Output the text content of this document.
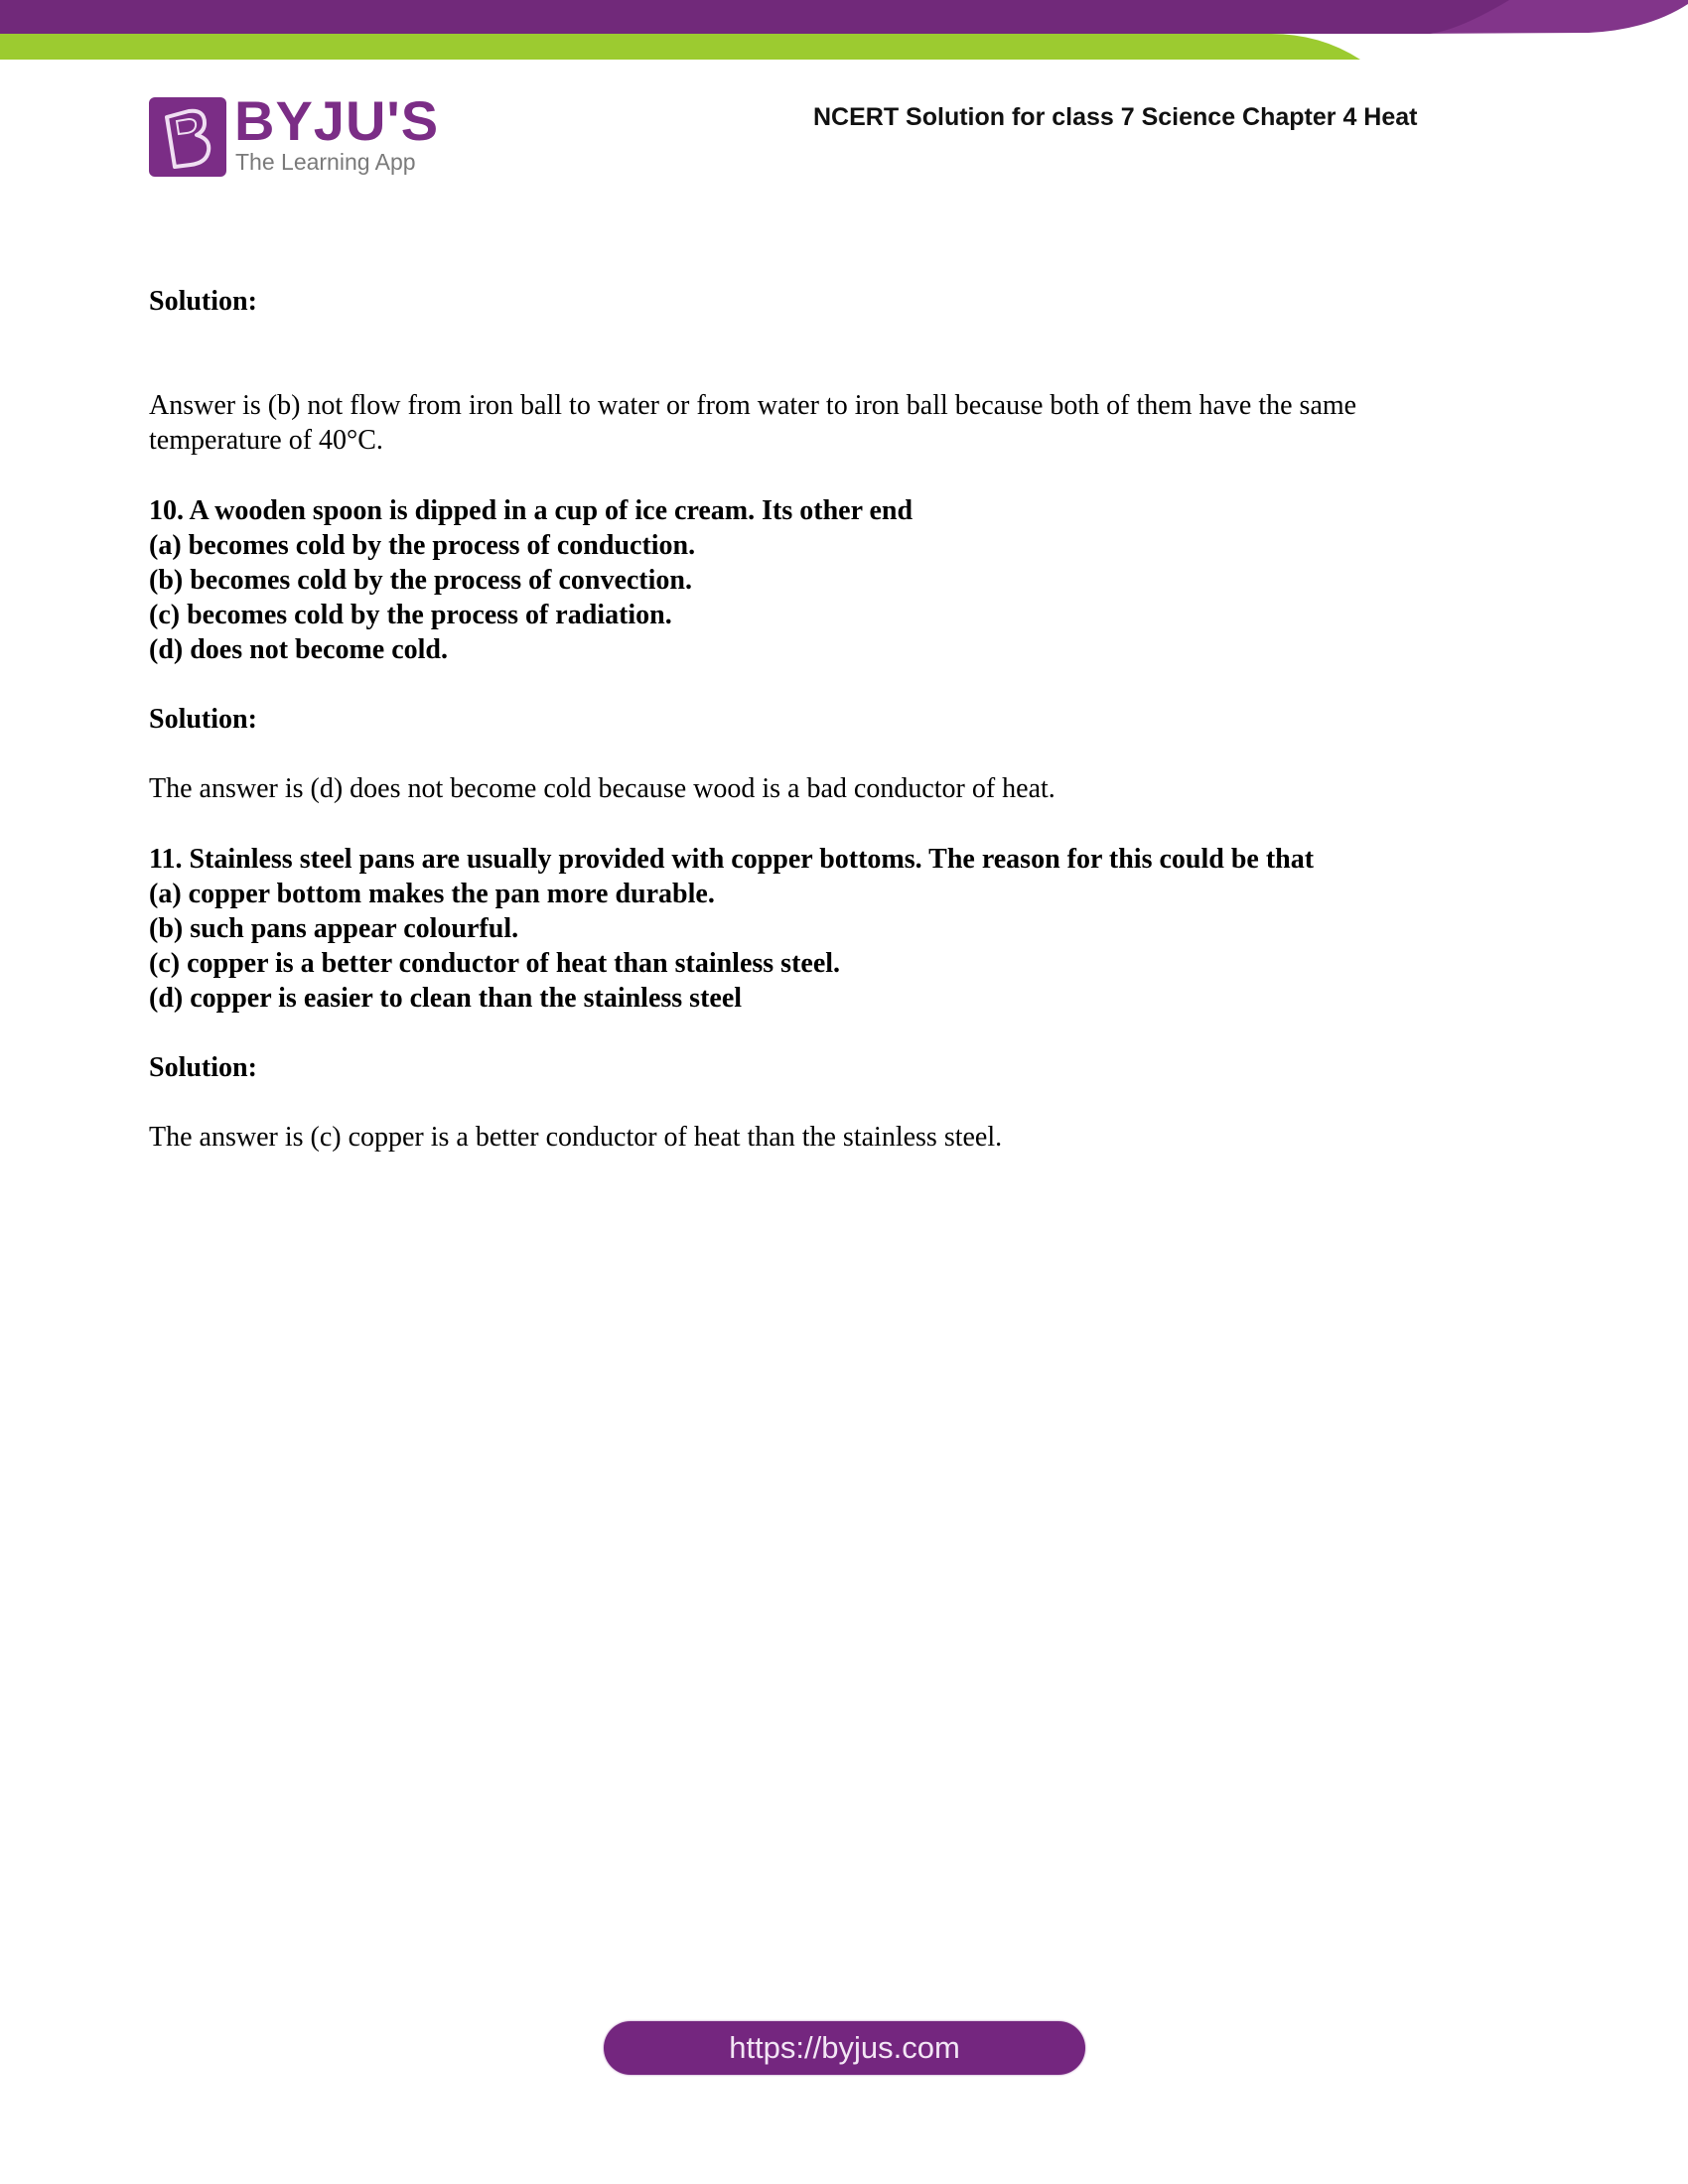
BYJU'S
The Learning App
NCERT Solution for class 7 Science Chapter 4 Heat

Solution:

Answer is (b) not flow from iron ball to water or from water to iron ball because both of them have the same

temperature of 40°C.

10. A wooden spoon is dipped in a cup of ice cream. Its other end

(a) becomes cold by the process of conduction.

(b) becomes cold by the process of convection.

(c) becomes cold by the process of radiation.

(d) does not become cold.

Solution:

The answer is (d) does not become cold because wood is a bad conductor of heat.

11. Stainless steel pans are usually provided with copper bottoms. The reason for this could be that

(a) copper bottom makes the pan more durable.

(b) such pans appear colourful.

(c) copper is a better conductor of heat than stainless steel.

(d) copper is easier to clean than the stainless steel

Solution:

The answer is (c) copper is a better conductor of heat than the stainless steel.

https://byjus.com
